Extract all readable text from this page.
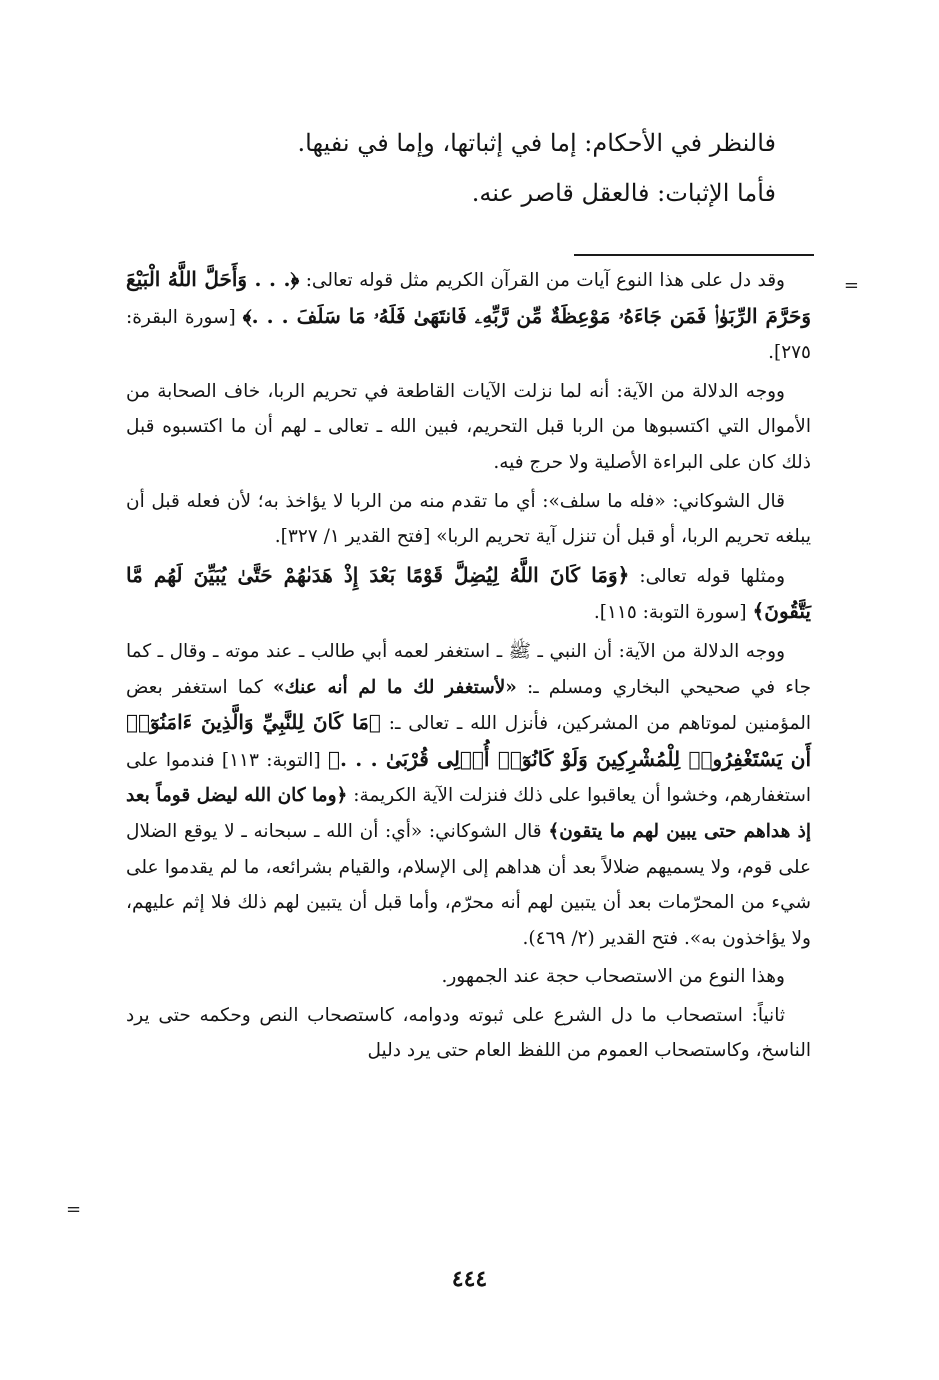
فالنظر في الأحكام: إما في إثباتها، وإما في نفيها.

فأما الإثبات: فالعقل قاصر عنه.

=

وقد دل على هذا النوع آيات من القرآن الكريم مثل قوله تعالى: ﴿. . . وَأَحَلَّ اللَّهُ الْبَيْعَ وَحَرَّمَ الرِّبَوٰا۟ فَمَن جَاءَهُۥ مَوْعِظَةٌ مِّن رَّبِّهِۦ فَانتَهَىٰ فَلَهُۥ مَا سَلَفَ . . .﴾ [سورة البقرة: ٢٧٥].

ووجه الدلالة من الآية: أنه لما نزلت الآيات القاطعة في تحريم الربا، خاف الصحابة من الأموال التي اكتسبوها من الربا قبل التحريم، فبين الله ـ تعالى ـ لهم أن ما اكتسبوه قبل ذلك كان على البراءة الأصلية ولا حرج فيه.

قال الشوكاني: «فله ما سلف»: أي ما تقدم منه من الربا لا يؤاخذ به؛ لأن فعله قبل أن يبلغه تحريم الربا، أو قبل أن تنزل آية تحريم الربا» [فتح القدير ١/ ٣٢٧].

ومثلها قوله تعالى: ﴿وَمَا كَانَ اللَّهُ لِيُضِلَّ قَوْمًا بَعْدَ إِذْ هَدَىٰهُمْ حَتَّىٰ يُبَيِّنَ لَهُم مَّا يَتَّقُونَ﴾ [سورة التوبة: ١١٥].

ووجه الدلالة من الآية: أن النبي ـ ﷺ ـ استغفر لعمه أبي طالب ـ عند موته ـ وقال ـ كما جاء في صحيحي البخاري ومسلم ـ: «لأستغفر لك ما لم أنه عنك» كما استغفر بعض المؤمنين لموتاهم من المشركين، فأنزل الله ـ تعالى ـ: ﴿مَا كَانَ لِلنَّبِيِّ وَالَّذِينَ ءَامَنُوٓا۟ أَن يَسْتَغْفِرُوا۟ لِلْمُشْرِكِينَ وَلَوْ كَانُوٓا۟ أُو۟لِى قُرْبَىٰ . . .﴾ [التوبة: ١١٣] فندموا على استغفارهم، وخشوا أن يعاقبوا على ذلك فنزلت الآية الكريمة: ﴿وما كان الله ليضل قوماً بعد إذ هداهم حتى يبين لهم ما يتقون﴾ قال الشوكاني: «أي: أن الله ـ سبحانه ـ لا يوقع الضلال على قوم، ولا يسميهم ضلالاً بعد أن هداهم إلى الإسلام، والقيام بشرائعه، ما لم يقدموا على شيء من المحرّمات بعد أن يتبين لهم أنه محرّم، وأما قبل أن يتبين لهم ذلك فلا إثم عليهم، ولا يؤاخذون به». فتح القدير (٢/ ٤٦٩).

وهذا النوع من الاستصحاب حجة عند الجمهور.

ثانياً: استصحاب ما دل الشرع على ثبوته ودوامه، كاستصحاب النص وحكمه حتى يرد الناسخ، وكاستصحاب العموم من اللفظ العام حتى يرد دليل

=
٤٤٤
